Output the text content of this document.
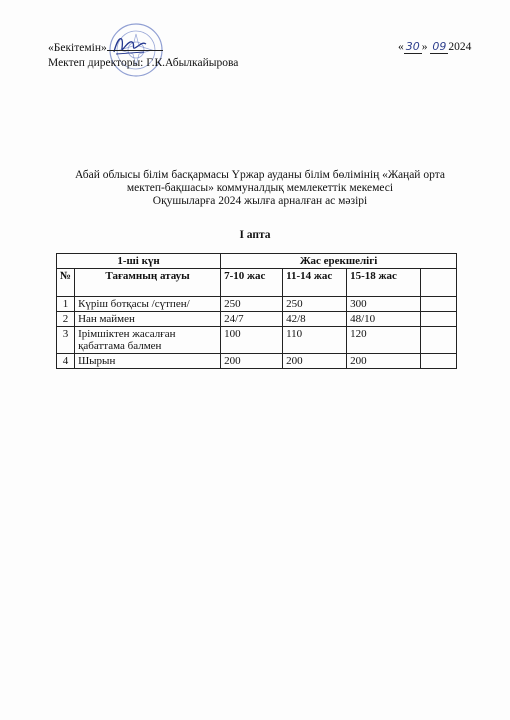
«Бекітемін»
Мектеп директоры: Г.К.Абылкайырова
« 30 » 09 2024
Абай облысы білім басқармасы Үржар ауданы білім бөлімінің «Жаңай орта
мектеп-бақшасы» коммуналдық мемлекеттік мекемесі
Оқушыларға 2024 жылға арналған ас мәзірі
I апта
1-ші күн		Жас ерекшелігі			
№	Тағамның атауы	7-10 жас	11-14 жас	15-18 жас	
1	Күріш ботқасы /сүтпен/	250	250	300	
2	Нан маймен	24/7	42/8	48/10	
3	Ірімшіктен жасалған қабаттама балмен	100	110	120	
4	Шырын	200	200	200	
